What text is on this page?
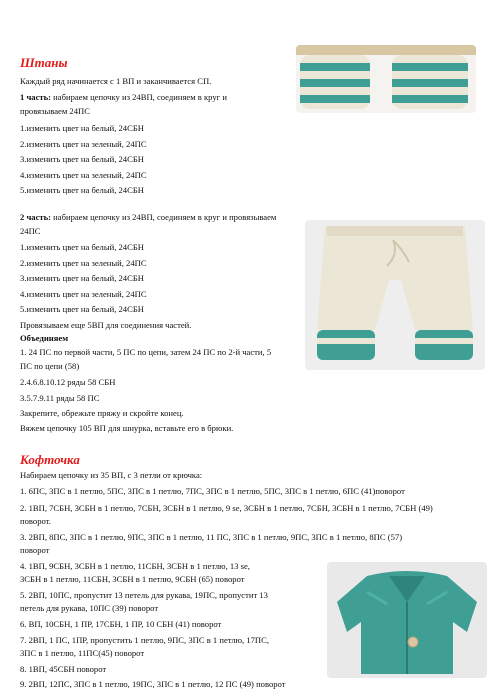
Штаны
Каждый ряд начинается с 1 ВП и заканчивается СП.
1 часть: набираем цепочку из 24ВП, соединяем в круг и
провязываем 24ПС
1.изменить цвет на белый, 24СБН
2.изменить цвет на зеленый, 24ПС
3.изменить цвет на белый, 24СБН
4.изменить цвет на зеленый, 24ПС
5.изменить цвет на белый, 24СБН
2 часть: набираем цепочку из 24ВП, соединяем в круг и провязываем
24ПС
1.изменить цвет на белый, 24СБН
2.изменить цвет на зеленый, 24ПС
3.изменить цвет на белый, 24СБН
4.изменить цвет на зеленый, 24ПС
5.изменить цвет на белый, 24СБН
Провязываем еще 5ВП для соединения частей.
Объединяем
1. 24 ПС по первой части, 5 ПС по цепи, затем 24 ПС по 2-й части, 5
ПС по цепи (58)
2.4.6.8.10.12 ряды 58 СБН
3.5.7.9.11 ряды 58 ПС
Закрепите, обрежьте пряжу и скройте конец.
Вяжем цепочку 105 ВП для шнурка, вставьте его в брюки.
Кофточка
Набираем цепочку из 35 ВП, с 3 петли от крючка:
1. 6ПС, 3ПС в 1 петлю, 5ПС, 3ПС в 1 петлю, 7ПС, 3ПС в 1 петлю, 5ПС, 3ПС в 1 петлю, 6ПС (41)поворот
2. 1ВП, 7СБН, 3СБН в 1 петлю, 7СБН, 3СБН в 1 петлю, 9 se, 3СБН в 1 петлю, 7СБН, 3СБН в 1 петлю, 7СБН (49)
поворот.
3. 2ВП, 8ПС, 3ПС в 1 петлю, 9ПС, 3ПС в 1 петлю, 11 ПС, 3ПС в 1 петлю, 9ПС, 3ПС в 1 петлю, 8ПС (57)
поворот
4. 1ВП, 9СБН, 3СБН в 1 петлю, 11СБН, 3СБН в 1 петлю, 13 se,
3СБН в 1 петлю, 11СБН, 3СБН в 1 петлю, 9СБН (65) поворот
5. 2ВП, 10ПС, пропустит 13 петель для рукава, 19ПС, пропустит 13
петель для рукава, 10ПС (39) поворот
6. ВП, 10СБН, 1 ПР, 17СБН, 1 ПР, 10 СБН (41) поворот
7. 2ВП, 1 ПС, 1ПР, пропустить 1 петлю, 9ПС, 3ПС в 1 петлю, 17ПС,
3ПС в 1 петлю, 11ПС(45) поворот
8. 1ВП, 45СБН поворот
9. 2ВП, 12ПС, 3ПС в 1 петлю, 19ПС, 3ПС в 1 петлю, 12 ПС (49) поворот
